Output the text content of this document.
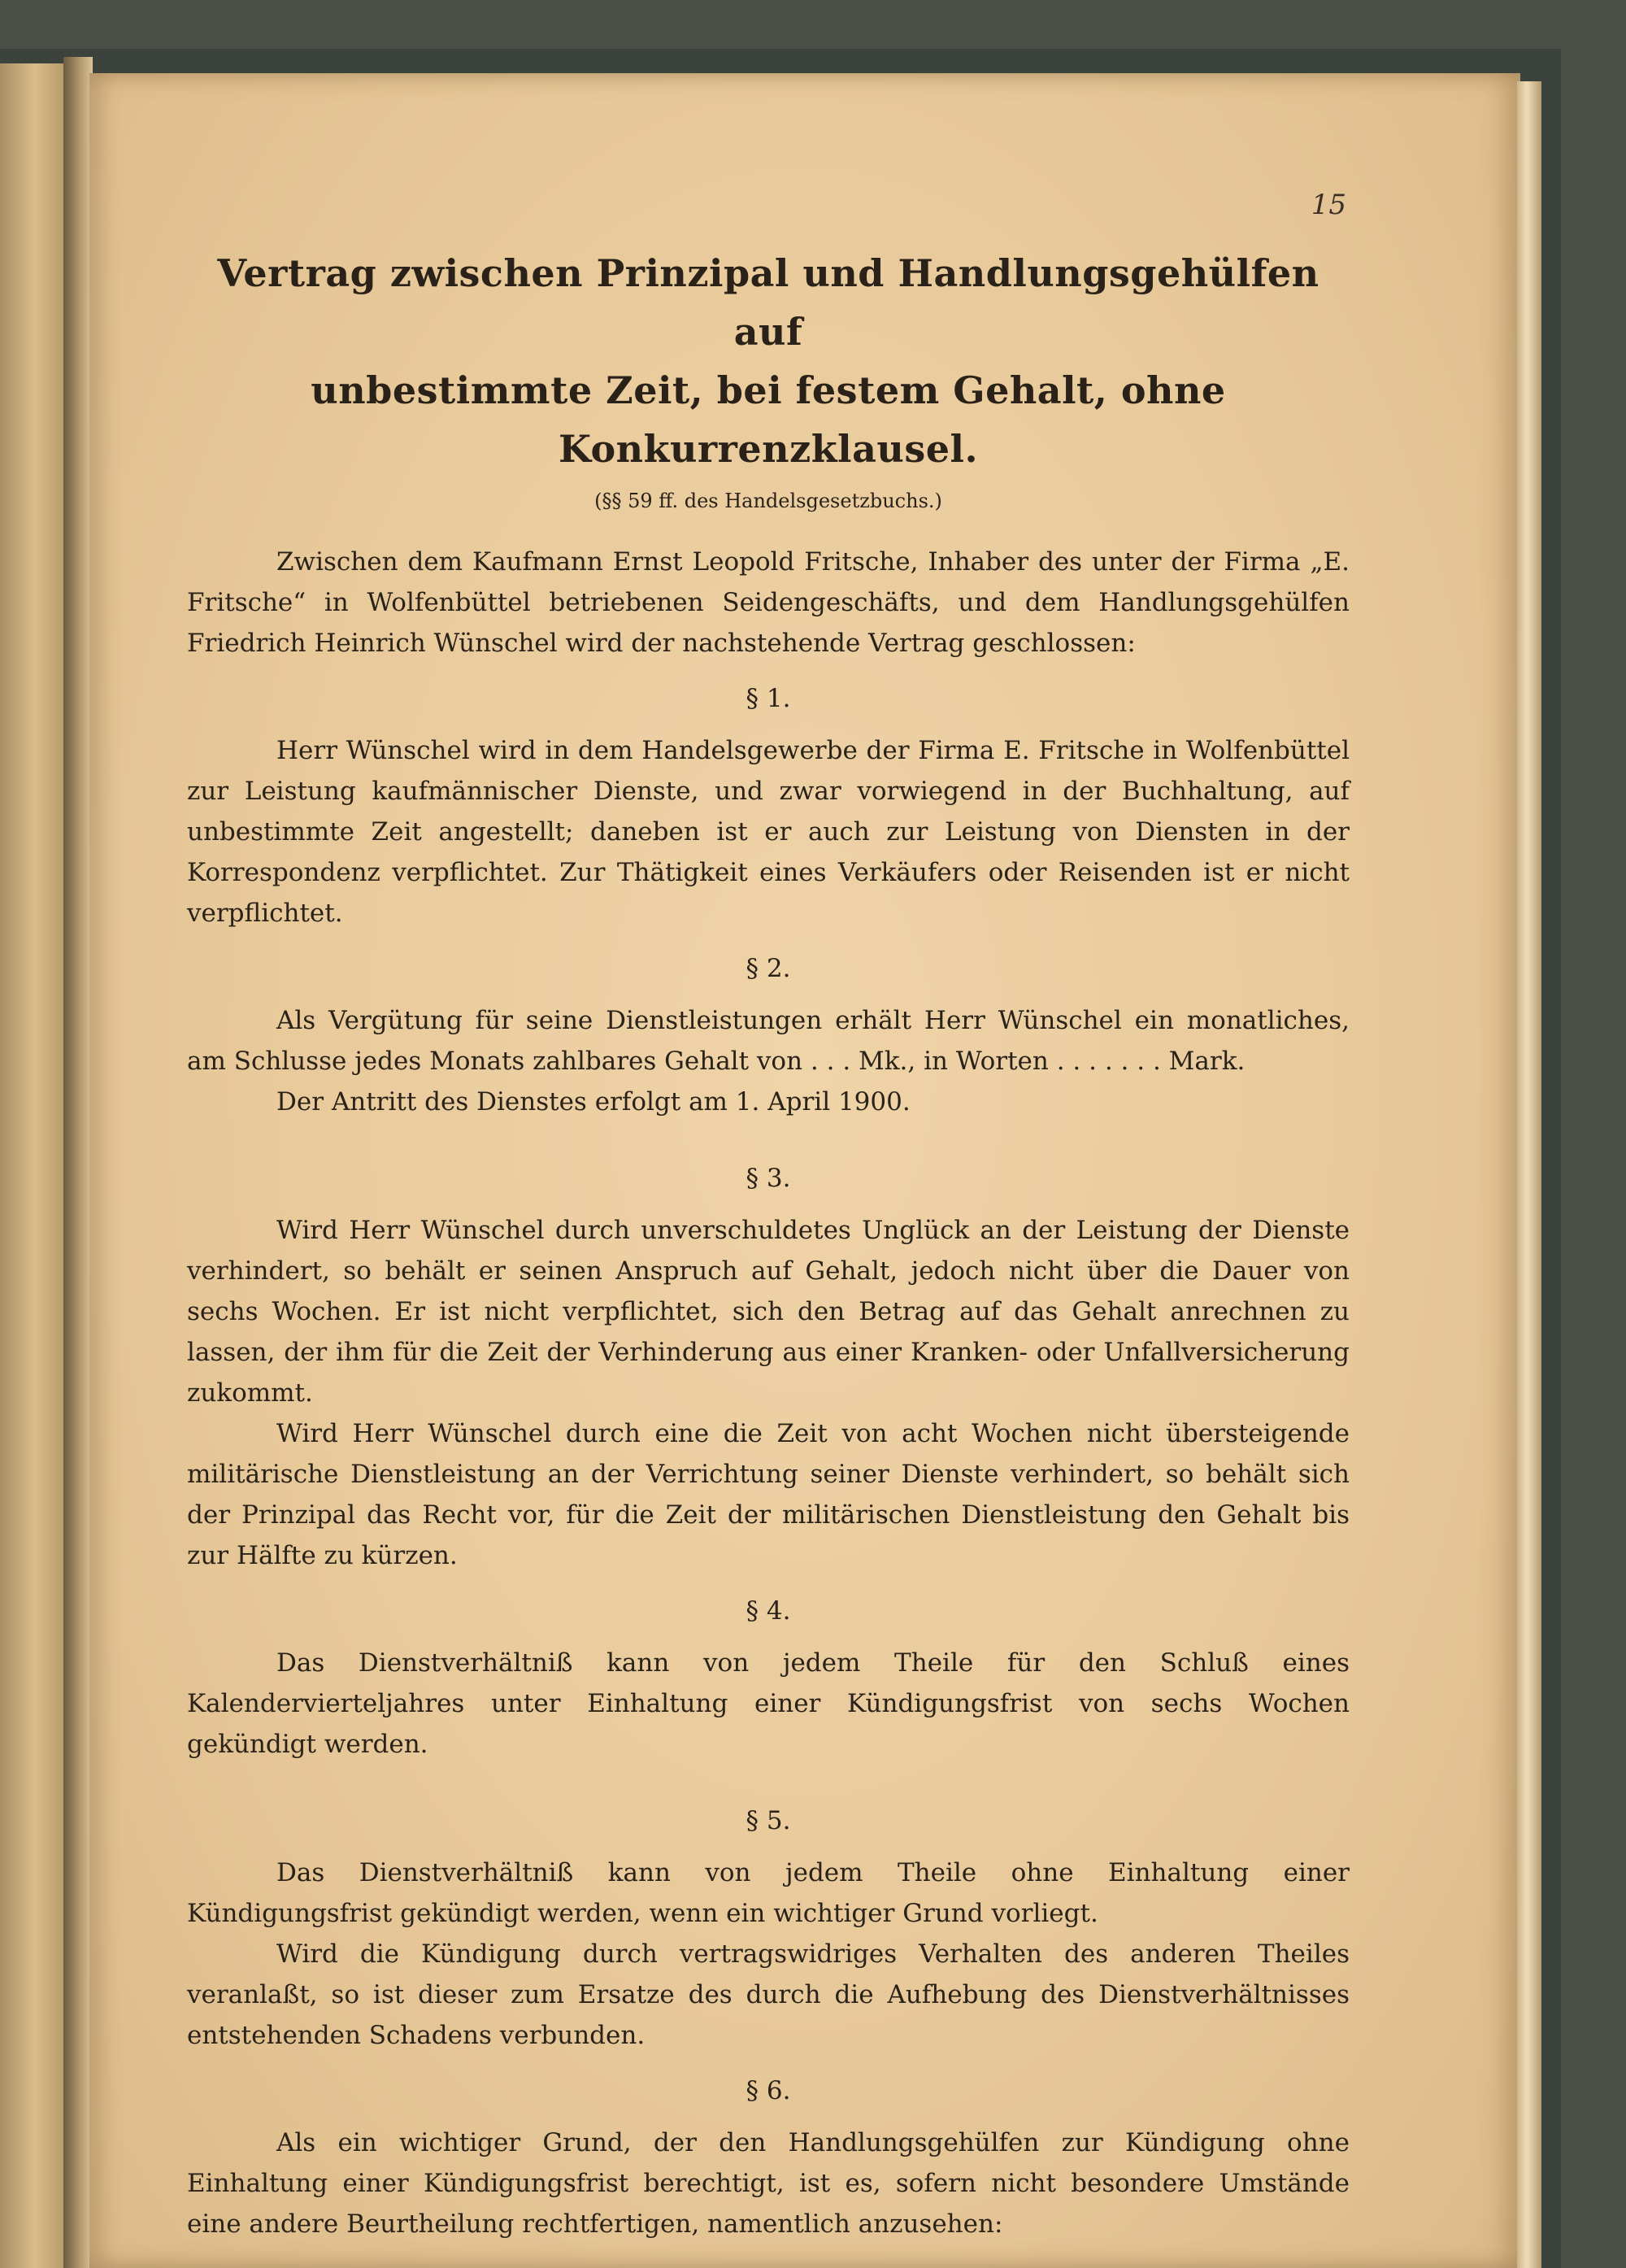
15
Vertrag zwischen Prinzipal und Handlungsgehülfen auf
unbestimmte Zeit, bei festem Gehalt, ohne Konkurrenzklausel.
(§§ 59 ff. des Handelsgesetzbuchs.)

Zwischen dem Kaufmann Ernst Leopold Fritsche, Inhaber des unter der Firma „E. Fritsche“ in Wolfenbüttel betriebenen Seidengeschäfts, und dem Handlungsgehülfen Friedrich Heinrich Wünschel wird der nachstehende Vertrag geschlossen:

§ 1.

Herr Wünschel wird in dem Handelsgewerbe der Firma E. Fritsche in Wolfenbüttel zur Leistung kaufmännischer Dienste, und zwar vorwiegend in der Buchhaltung, auf unbestimmte Zeit angestellt; daneben ist er auch zur Leistung von Diensten in der Korrespondenz verpflichtet. Zur Thätigkeit eines Verkäufers oder Reisenden ist er nicht verpflichtet.

§ 2.

Als Vergütung für seine Dienstleistungen erhält Herr Wünschel ein monatliches, am Schlusse jedes Monats zahlbares Gehalt von . . . Mk., in Worten . . . . . . . Mark.

Der Antritt des Dienstes erfolgt am 1. April 1900.

§ 3.

Wird Herr Wünschel durch unverschuldetes Unglück an der Leistung der Dienste verhindert, so behält er seinen Anspruch auf Gehalt, jedoch nicht über die Dauer von sechs Wochen. Er ist nicht verpflichtet, sich den Betrag auf das Gehalt anrechnen zu lassen, der ihm für die Zeit der Verhinderung aus einer Kranken- oder Unfallversicherung zukommt.

Wird Herr Wünschel durch eine die Zeit von acht Wochen nicht übersteigende militärische Dienstleistung an der Verrichtung seiner Dienste verhindert, so behält sich der Prinzipal das Recht vor, für die Zeit der militärischen Dienstleistung den Gehalt bis zur Hälfte zu kürzen.

§ 4.

Das Dienstverhältniß kann von jedem Theile für den Schluß eines Kalendervierteljahres unter Einhaltung einer Kündigungsfrist von sechs Wochen gekündigt werden.

§ 5.

Das Dienstverhältniß kann von jedem Theile ohne Einhaltung einer Kündigungsfrist gekündigt werden, wenn ein wichtiger Grund vorliegt.

Wird die Kündigung durch vertragswidriges Verhalten des anderen Theiles veranlaßt, so ist dieser zum Ersatze des durch die Aufhebung des Dienstverhältnisses entstehenden Schadens verbunden.

§ 6.

Als ein wichtiger Grund, der den Handlungsgehülfen zur Kündigung ohne Einhaltung einer Kündigungsfrist berechtigt, ist es, sofern nicht besondere Umstände eine andere Beurtheilung rechtfertigen, namentlich anzusehen:
